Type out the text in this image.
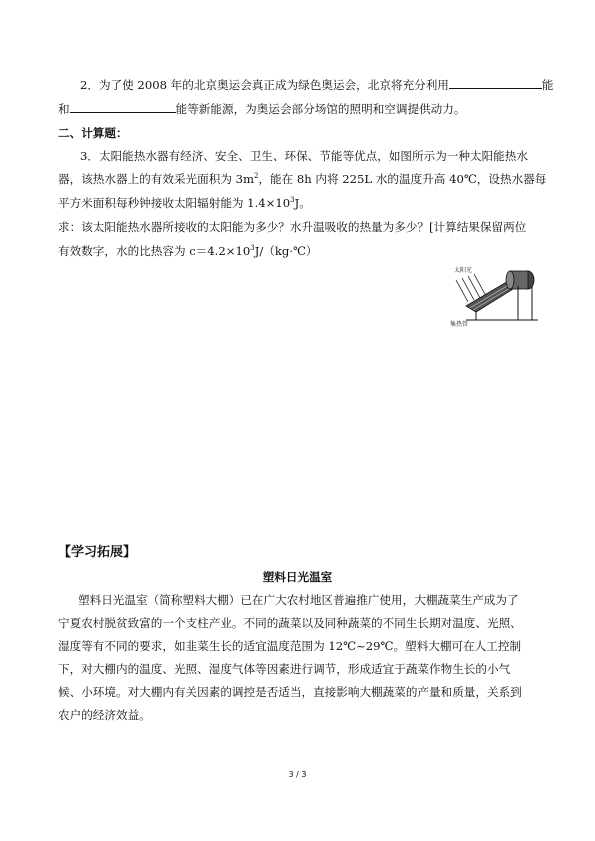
2．为了使 2008 年的北京奥运会真正成为绿色奥运会，北京将充分利用	能
和	能等新能源，为奥运会部分场馆的照明和空调提供动力。
二、计算题：
3．太阳能热水器有经济、安全、卫生、环保、节能等优点，如图所示为一种太阳能热水
器，该热水器上的有效采光面积为 $3m^2$，能在 8h 内将 225L 水的温度升高 40℃，设热水器每
平方米面积每秒钟接收太阳辐射能为 $1.4\times 10^3J$。
求：该太阳能热水器所接收的太阳能为多少？水升温吸收的热量为多少？[计算结果保留两位
有效数字，水的比热容为 $c=4.2\times 10^3J/(kg\cdot℃)$
太阳光
集热管
【学习拓展】
塑料日光温室
塑料日光温室（简称塑料大棚）已在广大农村地区普遍推广使用，大棚蔬菜生产成为了
宁夏农村脱贫致富的一个支柱产业。不同的蔬菜以及同种蔬菜的不同生长期对温度、光照、
湿度等有不同的要求，如韭菜生长的适宜温度范围为 12℃~29℃。塑料大棚可在人工控制
下，对大棚内的温度、光照、湿度气体等因素进行调节，形成适宜于蔬菜作物生长的小气
候、小环境。对大棚内有关因素的调控是否适当，直接影响大棚蔬菜的产量和质量，关系到
农户的经济效益。
3 / 3
